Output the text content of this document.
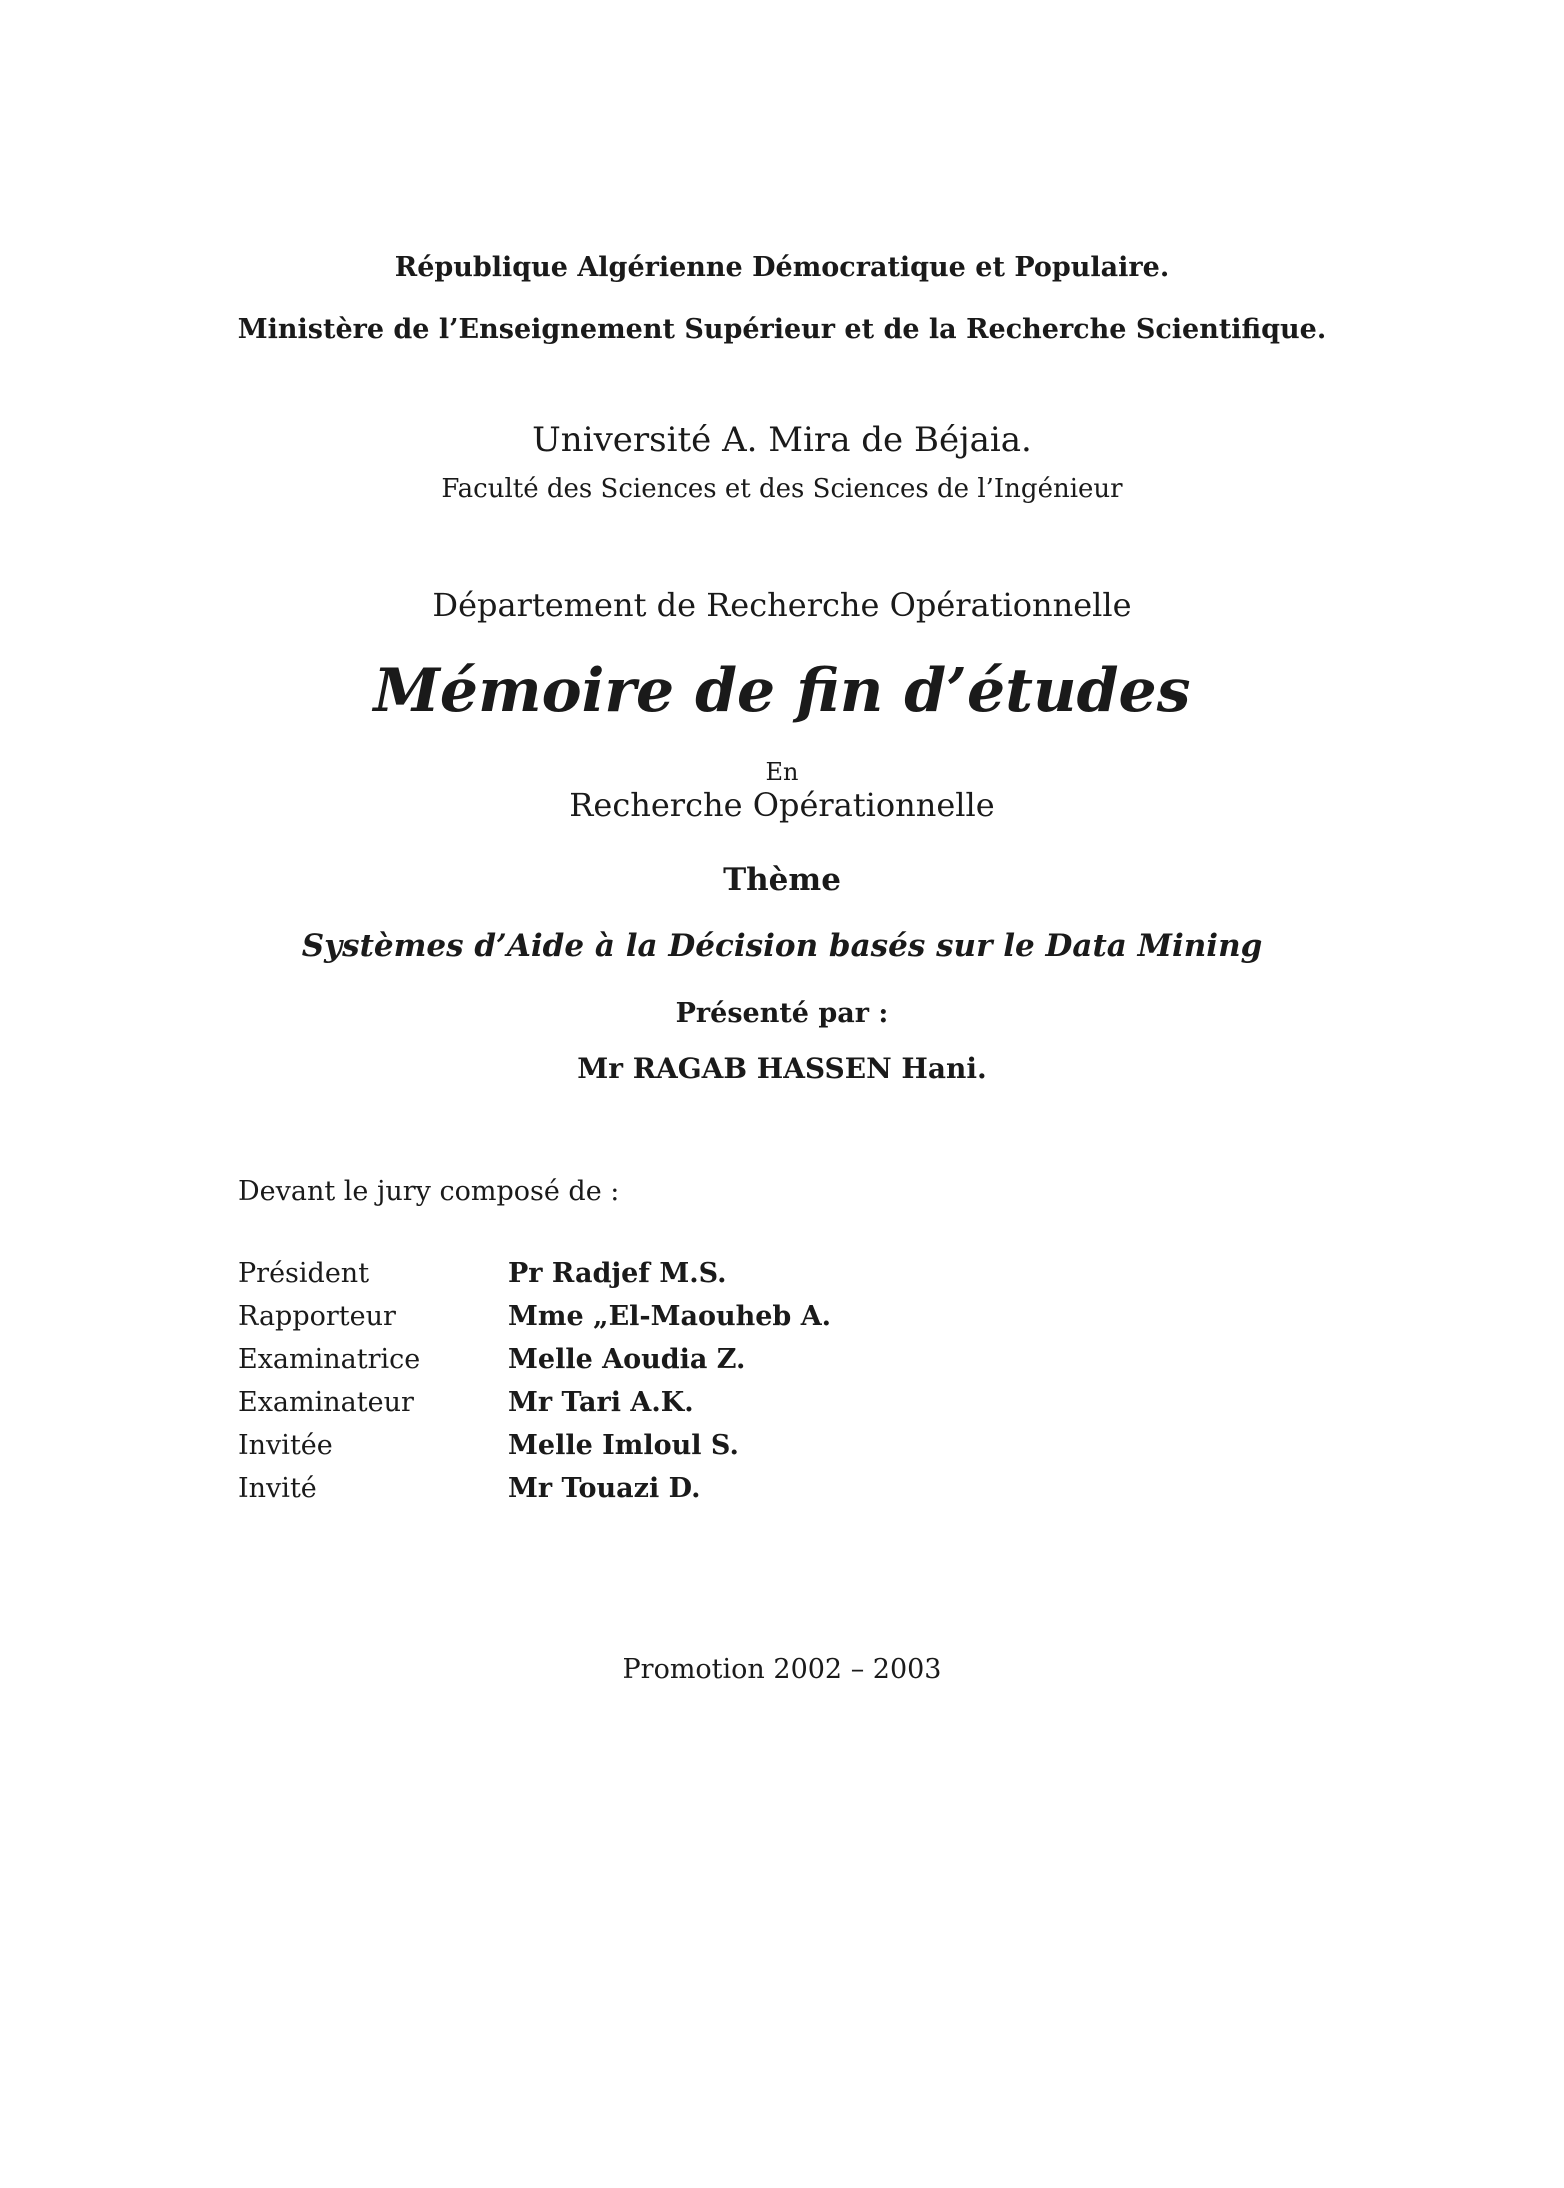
République Algérienne Démocratique et Populaire.
Ministère de l’Enseignement Supérieur et de la Recherche Scientifique.
Université A. Mira de Béjaia.
Faculté des Sciences et des Sciences de l’Ingénieur
Département de Recherche Opérationnelle
Mémoire de fin d’études
En
Recherche Opérationnelle
Thème
Systèmes d’Aide à la Décision basés sur le Data Mining
Présenté par :
Mr RAGAB HASSEN Hani.
Devant le jury composé de :
Président	Pr Radjef M.S.
Rapporteur	Mme „El-Maouheb A.
Examinatrice	Melle Aoudia Z.
Examinateur	Mr Tari A.K.
Invitée	Melle Imloul S.
Invité	Mr Touazi D.
Promotion 2002 – 2003
